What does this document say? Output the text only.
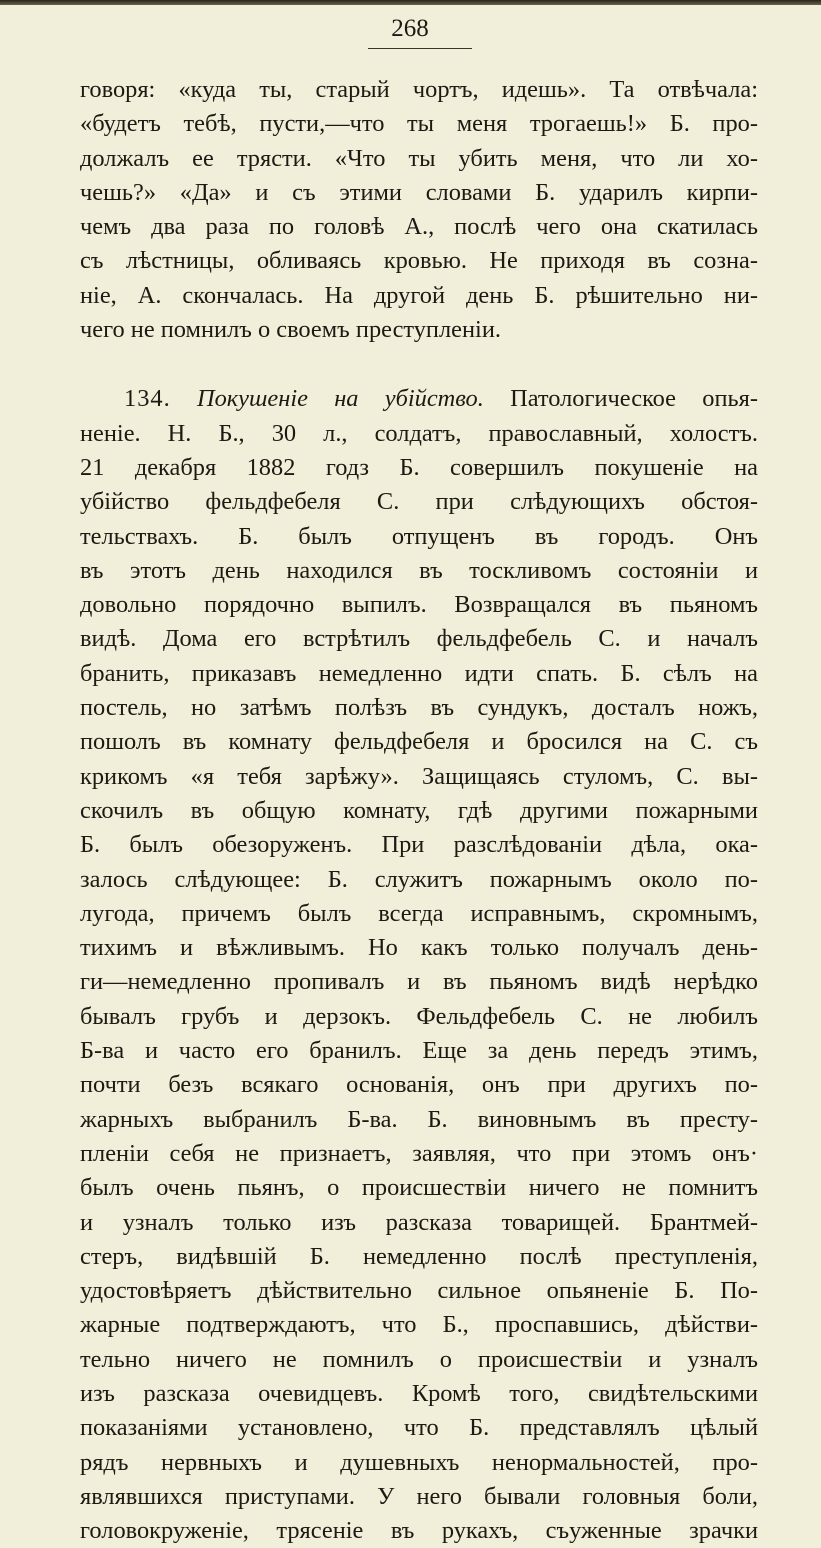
268
говоря: «куда ты, старый чортъ, идешь». Та отвѣчала:
«будетъ тебѣ, пусти,—что ты меня трогаешь!» Б. про-
должалъ ее трясти. «Что ты убить меня, что ли хо-
чешь?» «Да» и съ этими словами Б. ударилъ кирпи-
чемъ два раза по головѣ А., послѣ чего она скатилась
съ лѣстницы, обливаясь кровью. Не приходя въ созна-
нiе, А. скончалась. На другой день Б. рѣшительно ни-
чего не помнилъ о своемъ преступленiи.
134. Покушенiе на убiйство. Патологическое опья-
ненiе. Н. Б., 30 л., солдатъ, православный, холостъ.
21 декабря 1882 годз Б. совершилъ покушенiе на
убiйство фельдфебеля С. при слѣдующихъ обстоя-
тельствахъ. Б. былъ отпущенъ въ городъ. Онъ
въ этотъ день находился въ тоскливомъ состоянiи и
довольно порядочно выпилъ. Возвращался въ пьяномъ
видѣ. Дома его встрѣтилъ фельдфебель С. и началъ
бранить, приказавъ немедленно идти спать. Б. сѣлъ на
постель, но затѣмъ полѣзъ въ сундукъ, досталъ ножъ,
пошолъ въ комнату фельдфебеля и бросился на С. съ
крикомъ «я тебя зарѣжу». Защищаясь стуломъ, С. вы-
скочилъ въ общую комнату, гдѣ другими пожарными
Б. былъ обезоруженъ. При разслѣдованiи дѣла, ока-
залось слѣдующее: Б. служитъ пожарнымъ около по-
лугода, причемъ былъ всегда исправнымъ, скромнымъ,
тихимъ и вѣжливымъ. Но какъ только получалъ день-
ги—немедленно пропивалъ и въ пьяномъ видѣ нерѣдко
бывалъ грубъ и дерзокъ. Фельдфебель С. не любилъ
Б-ва и часто его бранилъ. Еще за день передъ этимъ,
почти безъ всякаго основанiя, онъ при другихъ по-
жарныхъ выбранилъ Б-ва. Б. виновнымъ въ престу-
пленiи себя не признаетъ, заявляя, что при этомъ онъ·
былъ очень пьянъ, о происшествiи ничего не помнитъ
и узналъ только изъ разсказа товарищей. Брантмей-
стеръ, видѣвшiй Б. немедленно послѣ преступленiя,
удостовѣряетъ дѣйствительно сильное опьяненiе Б. По-
жарные подтверждаютъ, что Б., проспавшись, дѣйстви-
тельно ничего не помнилъ о происшествiи и узналъ
изъ разсказа очевидцевъ. Кромѣ того, свидѣтельскими
показанiями установлено, что Б. представлялъ цѣлый
рядъ нервныхъ и душевныхъ ненормальностей, про-
являвшихся приступами. У него бывали головныя боли,
головокруженiе, трясенiе въ рукахъ, съуженные зрачки
